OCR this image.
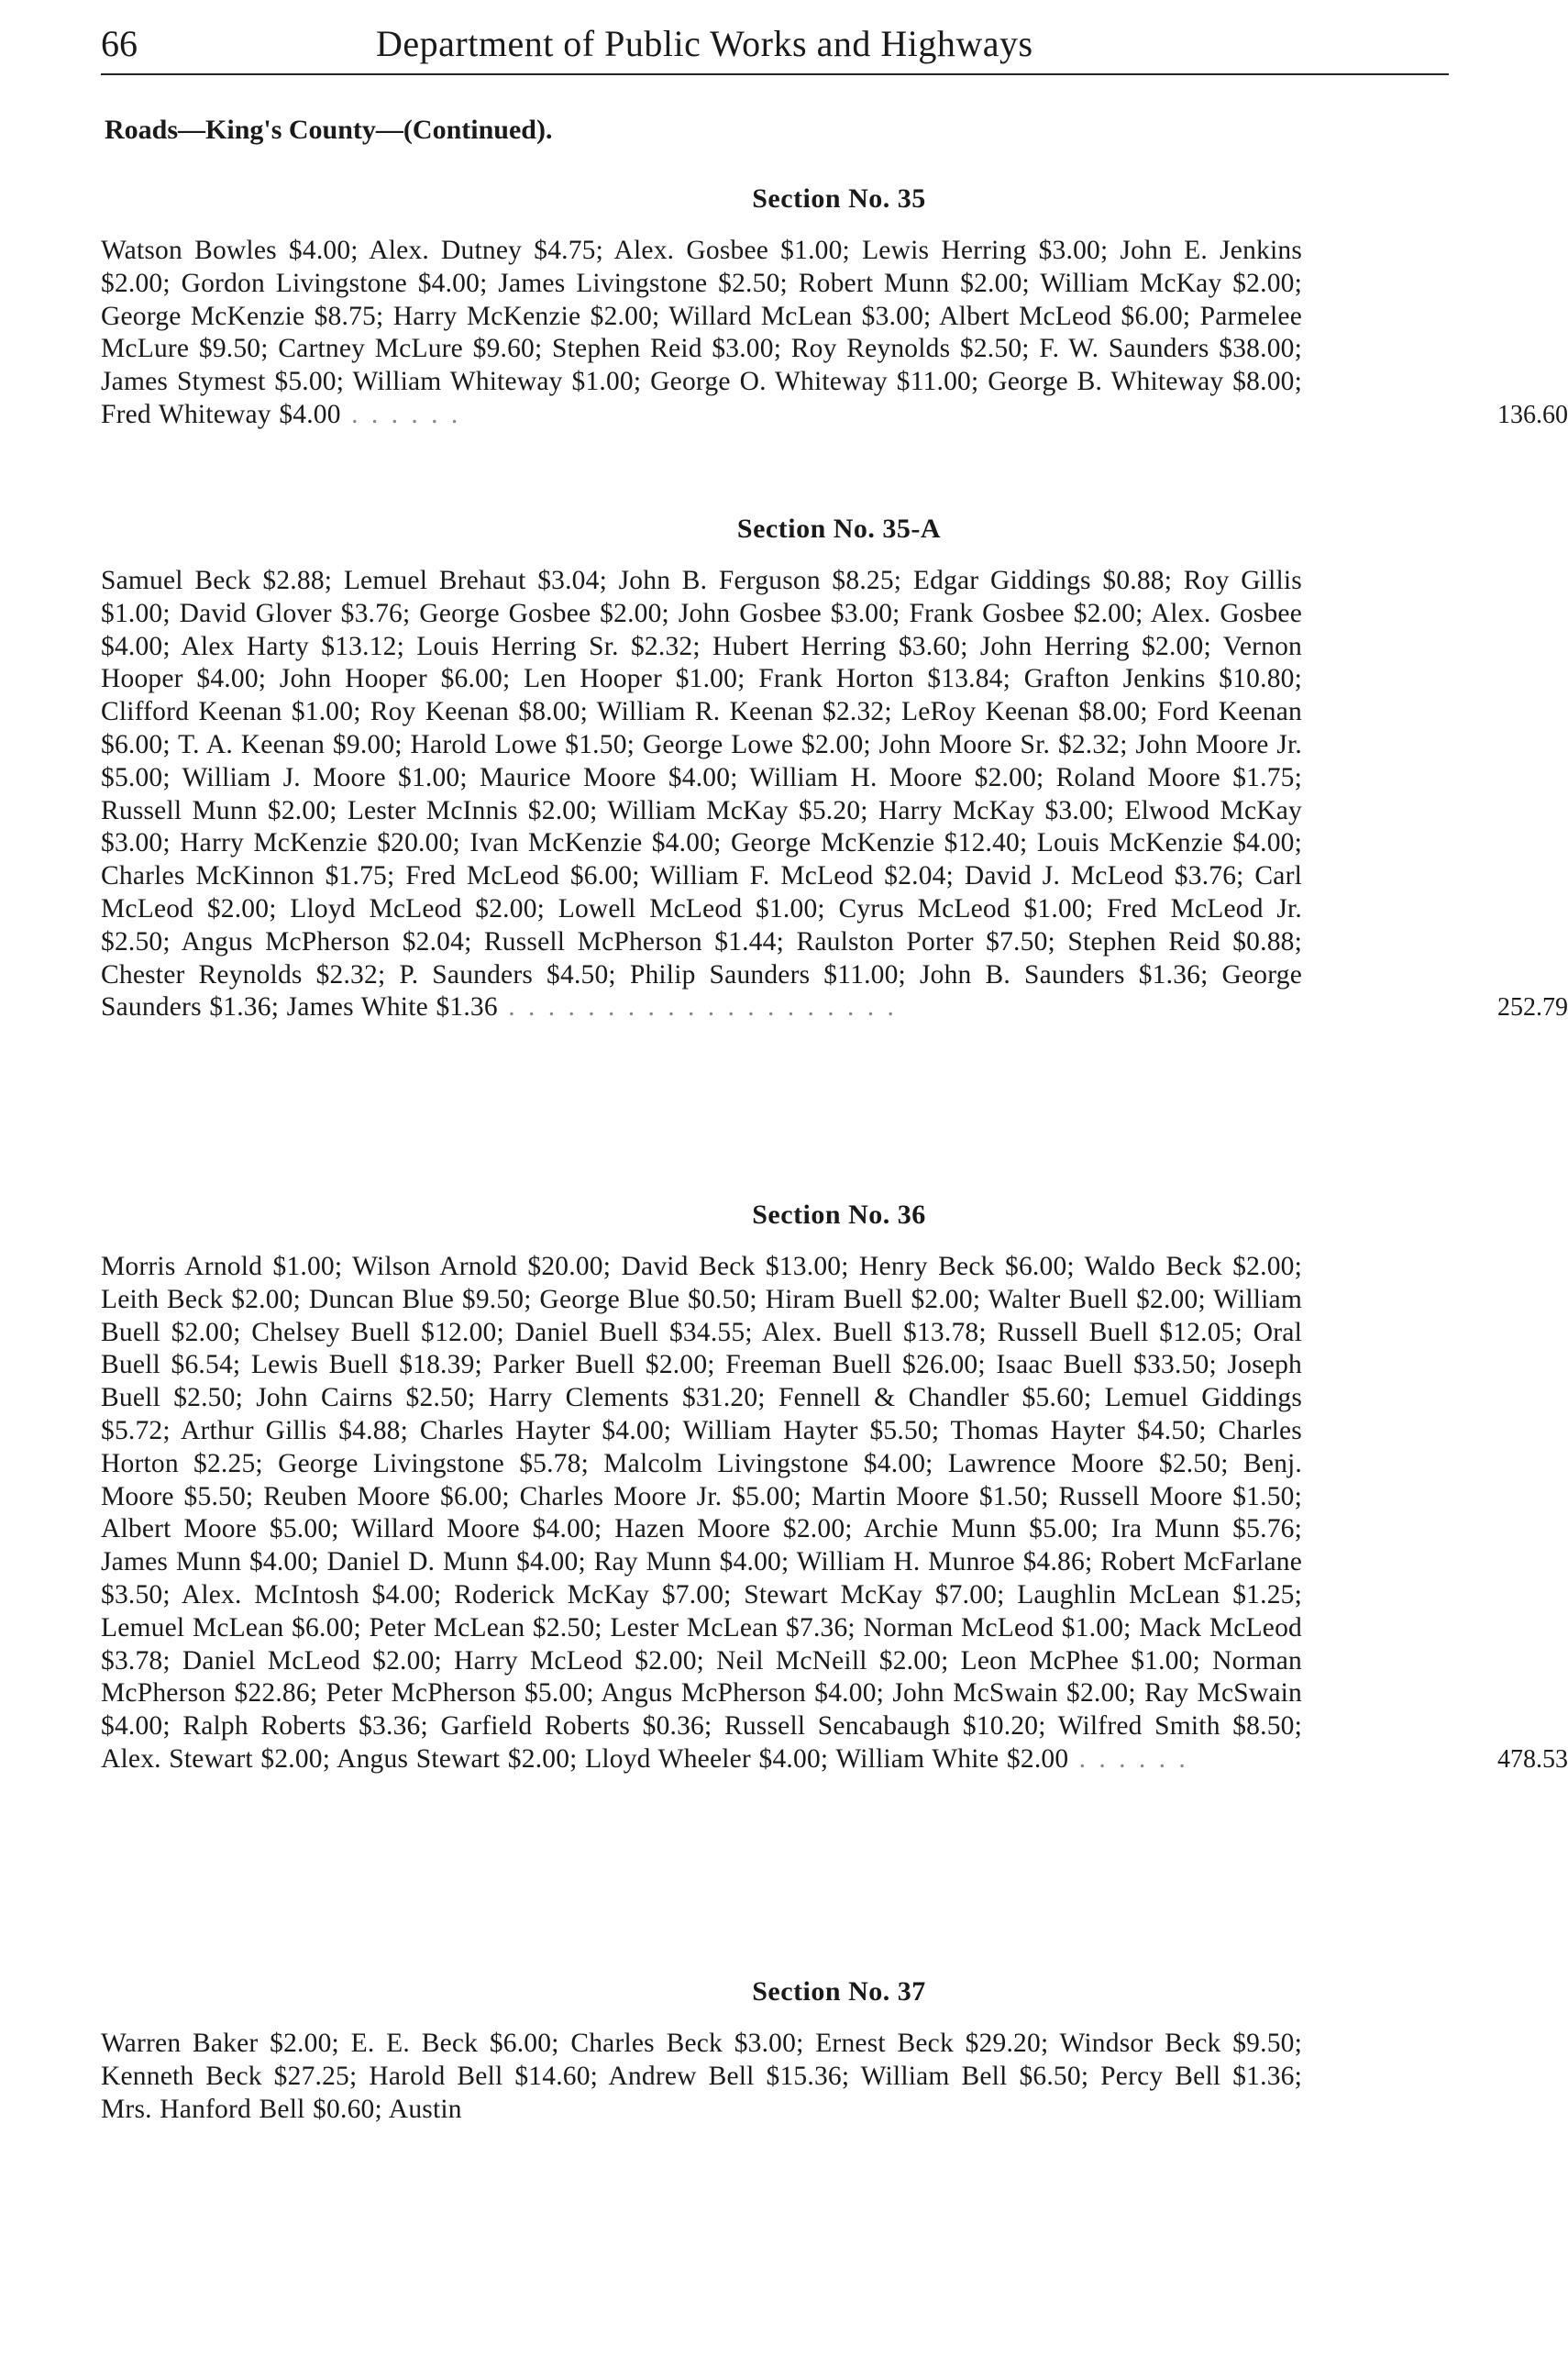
66	Department of Public Works and Highways
Roads—King's County—(Continued).
Section No. 35
Watson Bowles $4.00; Alex. Dutney $4.75; Alex. Gosbee $1.00; Lewis Herring $3.00; John E. Jenkins $2.00; Gordon Livingstone $4.00; James Livingstone $2.50; Robert Munn $2.00; William McKay $2.00; George McKenzie $8.75; Harry McKenzie $2.00; Willard McLean $3.00; Albert McLeod $6.00; Parmelee McLure $9.50; Cartney McLure $9.60; Stephen Reid $3.00; Roy Reynolds $2.50; F. W. Saunders $38.00; James Stymest $5.00; William Whiteway $1.00; George O. Whiteway $11.00; George B. Whiteway $8.00; Fred Whiteway $4.00 . . . . . .	136.60
Section No. 35-A
Samuel Beck $2.88; Lemuel Brehaut $3.04; John B. Ferguson $8.25; Edgar Giddings $0.88; Roy Gillis $1.00; David Glover $3.76; George Gosbee $2.00; John Gosbee $3.00; Frank Gosbee $2.00; Alex. Gosbee $4.00; Alex Harty $13.12; Louis Herring Sr. $2.32; Hubert Herring $3.60; John Herring $2.00; Vernon Hooper $4.00; John Hooper $6.00; Len Hooper $1.00; Frank Horton $13.84; Grafton Jenkins $10.80; Clifford Keenan $1.00; Roy Keenan $8.00; William R. Keenan $2.32; LeRoy Keenan $8.00; Ford Keenan $6.00; T. A. Keenan $9.00; Harold Lowe $1.50; George Lowe $2.00; John Moore Sr. $2.32; John Moore Jr. $5.00; William J. Moore $1.00; Maurice Moore $4.00; William H. Moore $2.00; Roland Moore $1.75; Russell Munn $2.00; Lester McInnis $2.00; William McKay $5.20; Harry McKay $3.00; Elwood McKay $3.00; Harry McKenzie $20.00; Ivan McKenzie $4.00; George McKenzie $12.40; Louis McKenzie $4.00; Charles McKinnon $1.75; Fred McLeod $6.00; William F. McLeod $2.04; David J. McLeod $3.76; Carl McLeod $2.00; Lloyd McLeod $2.00; Lowell McLeod $1.00; Cyrus McLeod $1.00; Fred McLeod Jr. $2.50; Angus McPherson $2.04; Russell McPherson $1.44; Raulston Porter $7.50; Stephen Reid $0.88; Chester Reynolds $2.32; P. Saunders $4.50; Philip Saunders $11.00; John B. Saunders $1.36; George Saunders $1.36; James White $1.36 . . . . . . . . . . . . . . . . . . . .	252.79
Section No. 36
Morris Arnold $1.00; Wilson Arnold $20.00; David Beck $13.00; Henry Beck $6.00; Waldo Beck $2.00; Leith Beck $2.00; Duncan Blue $9.50; George Blue $0.50; Hiram Buell $2.00; Walter Buell $2.00; William Buell $2.00; Chelsey Buell $12.00; Daniel Buell $34.55; Alex. Buell $13.78; Russell Buell $12.05; Oral Buell $6.54; Lewis Buell $18.39; Parker Buell $2.00; Freeman Buell $26.00; Isaac Buell $33.50; Joseph Buell $2.50; John Cairns $2.50; Harry Clements $31.20; Fennell & Chandler $5.60; Lemuel Giddings $5.72; Arthur Gillis $4.88; Charles Hayter $4.00; William Hayter $5.50; Thomas Hayter $4.50; Charles Horton $2.25; George Livingstone $5.78; Malcolm Livingstone $4.00; Lawrence Moore $2.50; Benj. Moore $5.50; Reuben Moore $6.00; Charles Moore Jr. $5.00; Martin Moore $1.50; Russell Moore $1.50; Albert Moore $5.00; Willard Moore $4.00; Hazen Moore $2.00; Archie Munn $5.00; Ira Munn $5.76; James Munn $4.00; Daniel D. Munn $4.00; Ray Munn $4.00; William H. Munroe $4.86; Robert McFarlane $3.50; Alex. McIntosh $4.00; Roderick McKay $7.00; Stewart McKay $7.00; Laughlin McLean $1.25; Lemuel McLean $6.00; Peter McLean $2.50; Lester McLean $7.36; Norman McLeod $1.00; Mack McLeod $3.78; Daniel McLeod $2.00; Harry McLeod $2.00; Neil McNeill $2.00; Leon McPhee $1.00; Norman McPherson $22.86; Peter McPherson $5.00; Angus McPherson $4.00; John McSwain $2.00; Ray McSwain $4.00; Ralph Roberts $3.36; Garfield Roberts $0.36; Russell Sencabaugh $10.20; Wilfred Smith $8.50; Alex. Stewart $2.00; Angus Stewart $2.00; Lloyd Wheeler $4.00; William White $2.00 . . . . . .	478.53
Section No. 37
Warren Baker $2.00; E. E. Beck $6.00; Charles Beck $3.00; Ernest Beck $29.20; Windsor Beck $9.50; Kenneth Beck $27.25; Harold Bell $14.60; Andrew Bell $15.36; William Bell $6.50; Percy Bell $1.36; Mrs. Hanford Bell $0.60; Austin
